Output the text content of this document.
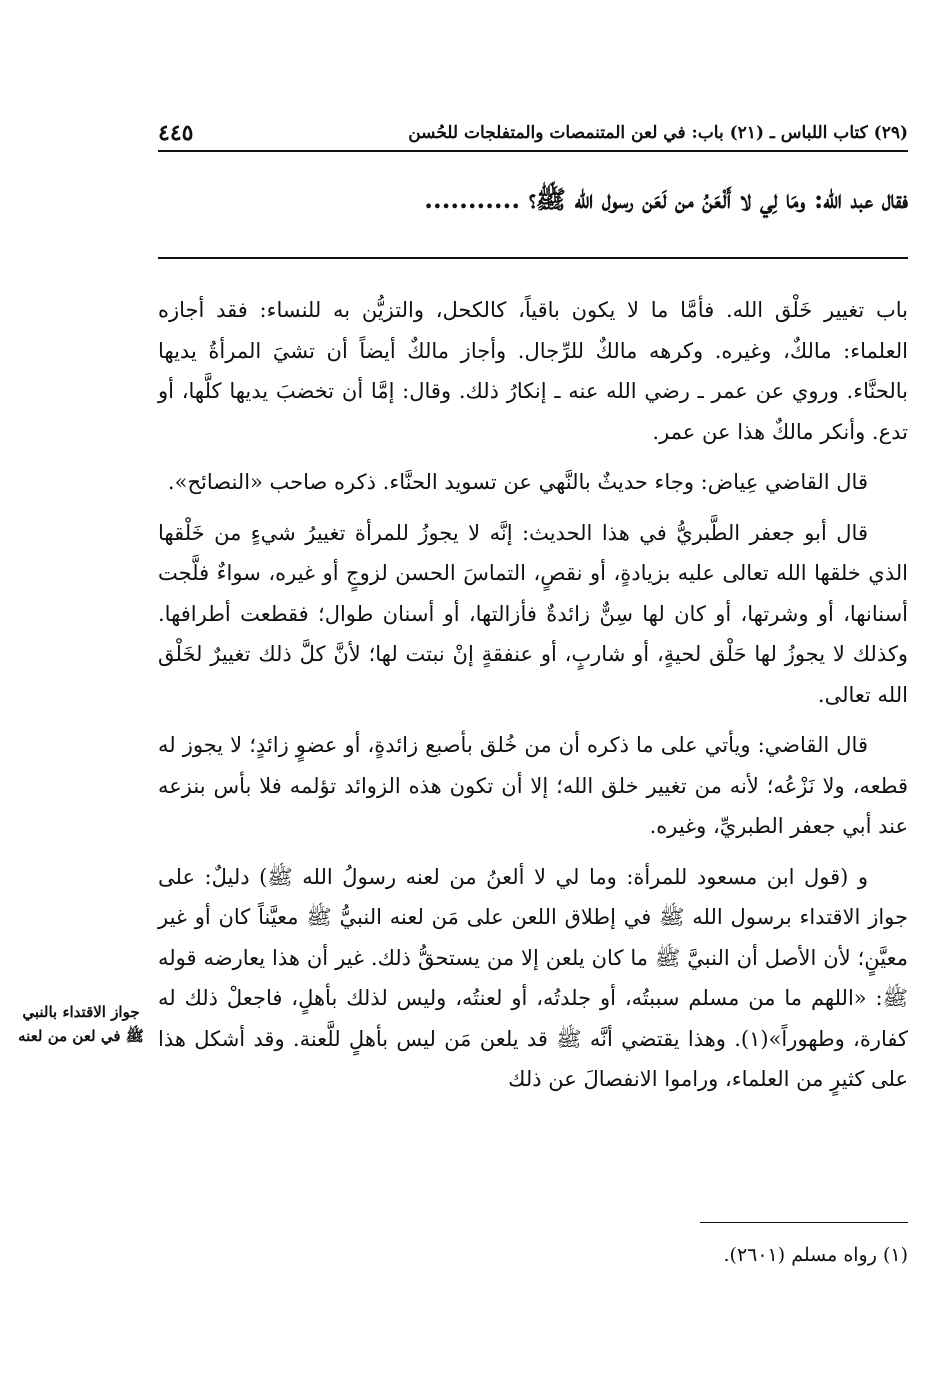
(٢٩) كتاب اللباس ـ (٢١) باب: في لعن المتنمصات والمتفلجات للحُسن
٤٤٥
فقال عبد الله: ومَا لِي لا أَلْعَنُ من لَعَن رسول الله ﷺ؟ ...........

باب تغيير خَلْق الله. فأمَّا ما لا يكون باقياً، كالكحل، والتزيُّن به للنساء: فقد أجازه العلماء: مالكٌ، وغيره. وكرهه مالكٌ للرِّجال. وأجاز مالكٌ أيضاً أن تشيَ المرأةُ يديها بالحنَّاء. وروي عن عمر ـ رضي الله عنه ـ إنكارُ ذلك. وقال: إمَّا أن تخضبَ يديها كلَّها، أو تدع. وأنكر مالكٌ هذا عن عمر.

قال القاضي عِياض: وجاء حديثٌ بالنَّهي عن تسويد الحنَّاء. ذكره صاحب «النصائح».

قال أبو جعفر الطَّبريُّ في هذا الحديث: إنَّه لا يجوزُ للمرأة تغييرُ شيءٍ من خَلْقها الذي خلقها الله تعالى عليه بزيادةٍ، أو نقصٍ، التماسَ الحسن لزوجٍ أو غيره، سواءٌ فلَّجت أسنانها، أو وشرتها، أو كان لها سِنٌّ زائدةٌ فأزالتها، أو أسنان طوال؛ فقطعت أطرافها. وكذلك لا يجوزُ لها حَلْق لحيةٍ، أو شاربٍ، أو عنفقةٍ إنْ نبتت لها؛ لأنَّ كلَّ ذلك تغييرٌ لخَلْق الله تعالى.

قال القاضي: ويأتي على ما ذكره أن من خُلق بأصبع زائدةٍ، أو عضوٍ زائدٍ؛ لا يجوز له قطعه، ولا نَزْعُه؛ لأنه من تغيير خلق الله؛ إلا أن تكون هذه الزوائد تؤلمه فلا بأس بنزعه عند أبي جعفر الطبريِّ، وغيره.

و (قول ابن مسعود للمرأة: وما لي لا ألعنُ من لعنه رسولُ الله ﷺ) دليلٌ: على جواز الاقتداء برسول الله ﷺ في إطلاق اللعن على مَن لعنه النبيُّ ﷺ معيَّناً كان أو غير معيَّنٍ؛ لأن الأصل أن النبيَّ ﷺ ما كان يلعن إلا من يستحقُّ ذلك. غير أن هذا يعارضه قوله ﷺ: «اللهم ما من مسلم سببتُه، أو جلدتُه، أو لعنتُه، وليس لذلك بأهلٍ، فاجعلْ ذلك له كفارة، وطهوراً»(١). وهذا يقتضي أنَّه ﷺ قد يلعن مَن ليس بأهلٍ للَّعنة. وقد أشكل هذا على كثيرٍ من العلماء، وراموا الانفصالَ عن ذلك

جواز الاقتداء بالنبي ﷺ في لعن من لعنه
(١) رواه مسلم (٢٦٠١).
